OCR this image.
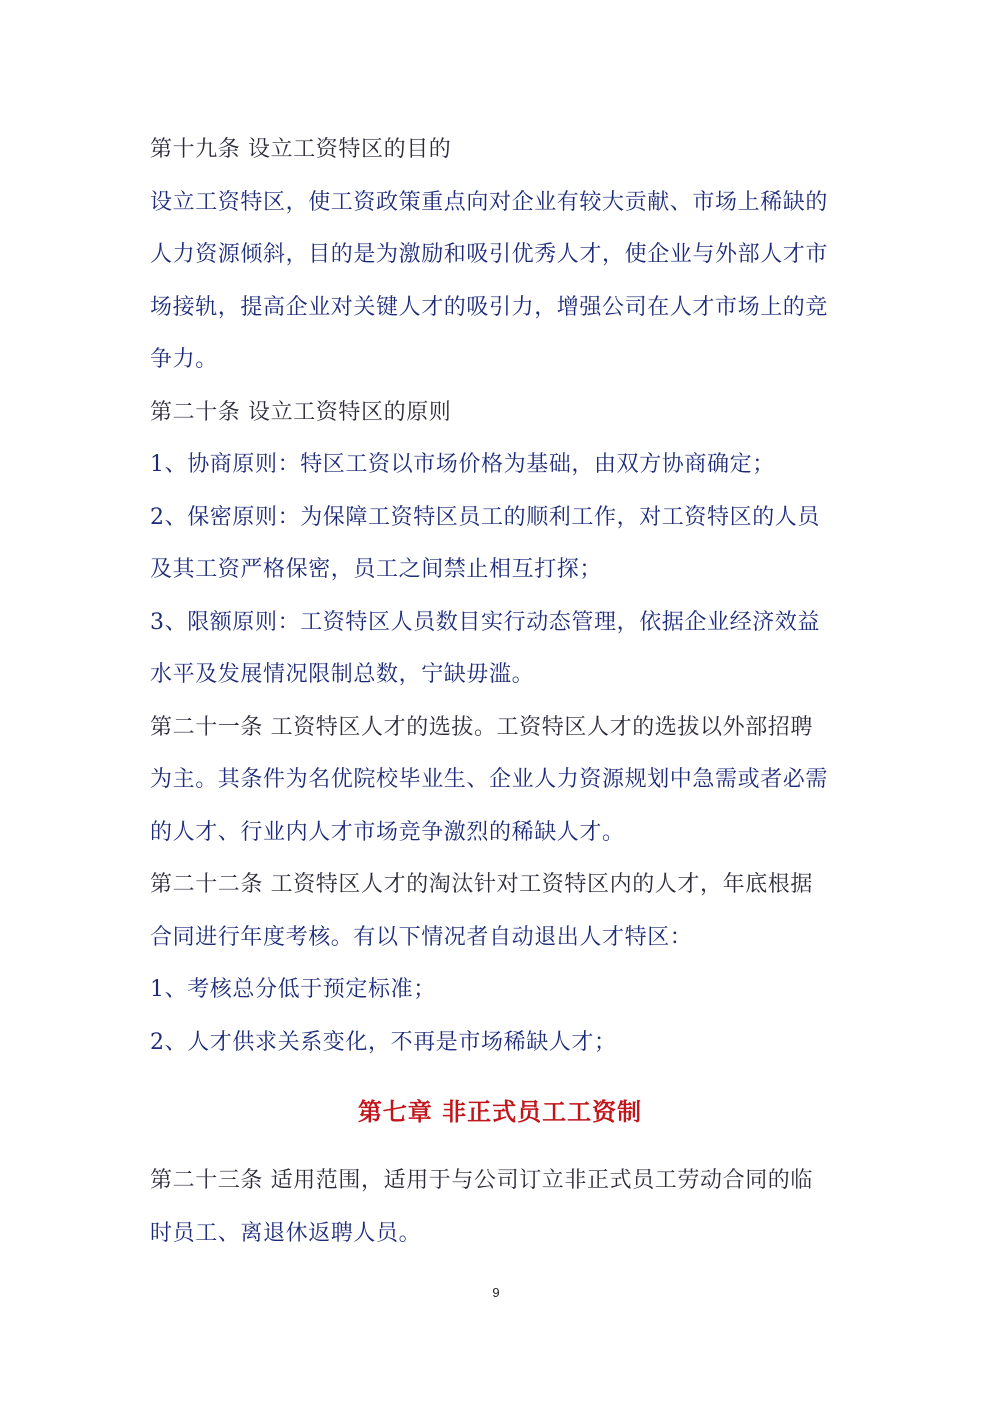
第十九条 设立工资特区的目的
设立工资特区，使工资政策重点向对企业有较大贡献、市场上稀缺的
人力资源倾斜，目的是为激励和吸引优秀人才，使企业与外部人才市
场接轨，提高企业对关键人才的吸引力，增强公司在人才市场上的竞
争力。
第二十条 设立工资特区的原则
1、协商原则：特区工资以市场价格为基础，由双方协商确定；
2、保密原则：为保障工资特区员工的顺利工作，对工资特区的人员
及其工资严格保密，员工之间禁止相互打探；
3、限额原则：工资特区人员数目实行动态管理，依据企业经济效益
水平及发展情况限制总数，宁缺毋滥。
第二十一条 工资特区人才的选拔。工资特区人才的选拔以外部招聘
为主。其条件为名优院校毕业生、企业人力资源规划中急需或者必需
的人才、行业内人才市场竞争激烈的稀缺人才。
第二十二条 工资特区人才的淘汰针对工资特区内的人才，年底根据
合同进行年度考核。有以下情况者自动退出人才特区：
1、考核总分低于预定标准；
2、人才供求关系变化，不再是市场稀缺人才；
第七章 非正式员工工资制
第二十三条 适用范围，适用于与公司订立非正式员工劳动合同的临
时员工、离退休返聘人员。
9
